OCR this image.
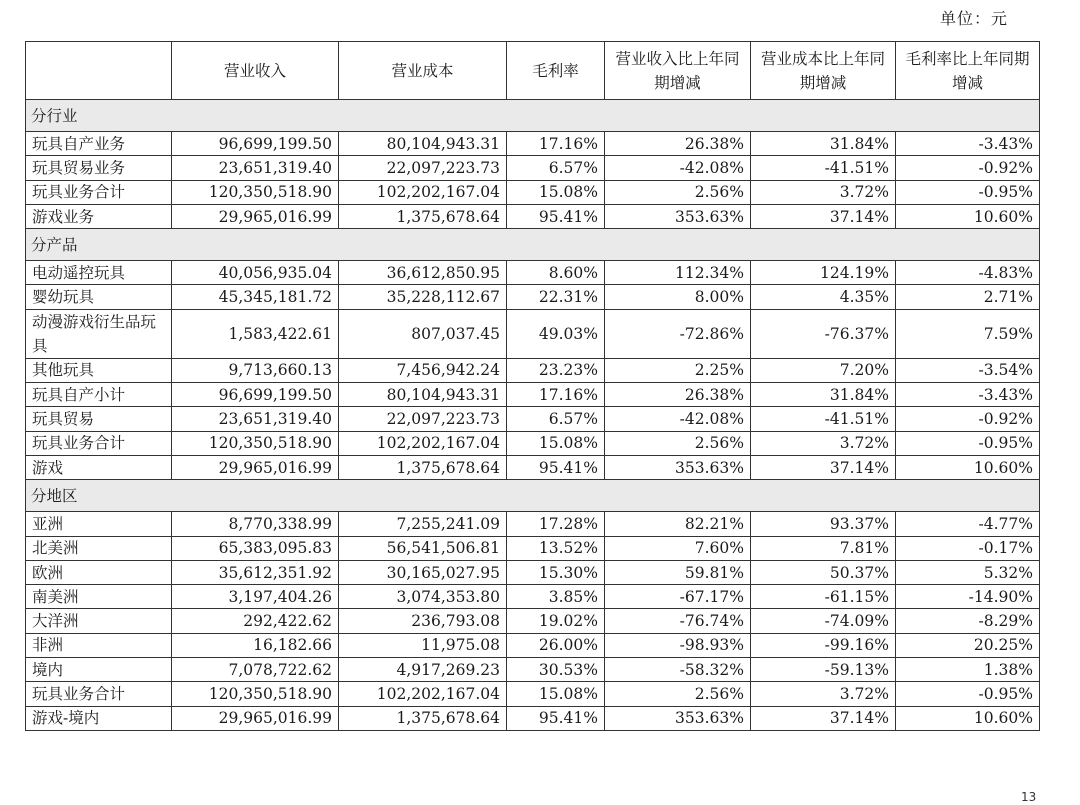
单位：元
	营业收入	营业成本	毛利率	营业收入比上年同期增减	营业成本比上年同期增减	毛利率比上年同期增减
分行业						
玩具自产业务	96,699,199.50	80,104,943.31	17.16%	26.38%	31.84%	-3.43%
玩具贸易业务	23,651,319.40	22,097,223.73	6.57%	-42.08%	-41.51%	-0.92%
玩具业务合计	120,350,518.90	102,202,167.04	15.08%	2.56%	3.72%	-0.95%
游戏业务	29,965,016.99	1,375,678.64	95.41%	353.63%	37.14%	10.60%
分产品						
电动遥控玩具	40,056,935.04	36,612,850.95	8.60%	112.34%	124.19%	-4.83%
婴幼玩具	45,345,181.72	35,228,112.67	22.31%	8.00%	4.35%	2.71%
动漫游戏衍生品玩具	1,583,422.61	807,037.45	49.03%	-72.86%	-76.37%	7.59%
其他玩具	9,713,660.13	7,456,942.24	23.23%	2.25%	7.20%	-3.54%
玩具自产小计	96,699,199.50	80,104,943.31	17.16%	26.38%	31.84%	-3.43%
玩具贸易	23,651,319.40	22,097,223.73	6.57%	-42.08%	-41.51%	-0.92%
玩具业务合计	120,350,518.90	102,202,167.04	15.08%	2.56%	3.72%	-0.95%
游戏	29,965,016.99	1,375,678.64	95.41%	353.63%	37.14%	10.60%
分地区						
亚洲	8,770,338.99	7,255,241.09	17.28%	82.21%	93.37%	-4.77%
北美洲	65,383,095.83	56,541,506.81	13.52%	7.60%	7.81%	-0.17%
欧洲	35,612,351.92	30,165,027.95	15.30%	59.81%	50.37%	5.32%
南美洲	3,197,404.26	3,074,353.80	3.85%	-67.17%	-61.15%	-14.90%
大洋洲	292,422.62	236,793.08	19.02%	-76.74%	-74.09%	-8.29%
非洲	16,182.66	11,975.08	26.00%	-98.93%	-99.16%	20.25%
境内	7,078,722.62	4,917,269.23	30.53%	-58.32%	-59.13%	1.38%
玩具业务合计	120,350,518.90	102,202,167.04	15.08%	2.56%	3.72%	-0.95%
游戏-境内	29,965,016.99	1,375,678.64	95.41%	353.63%	37.14%	10.60%
13
